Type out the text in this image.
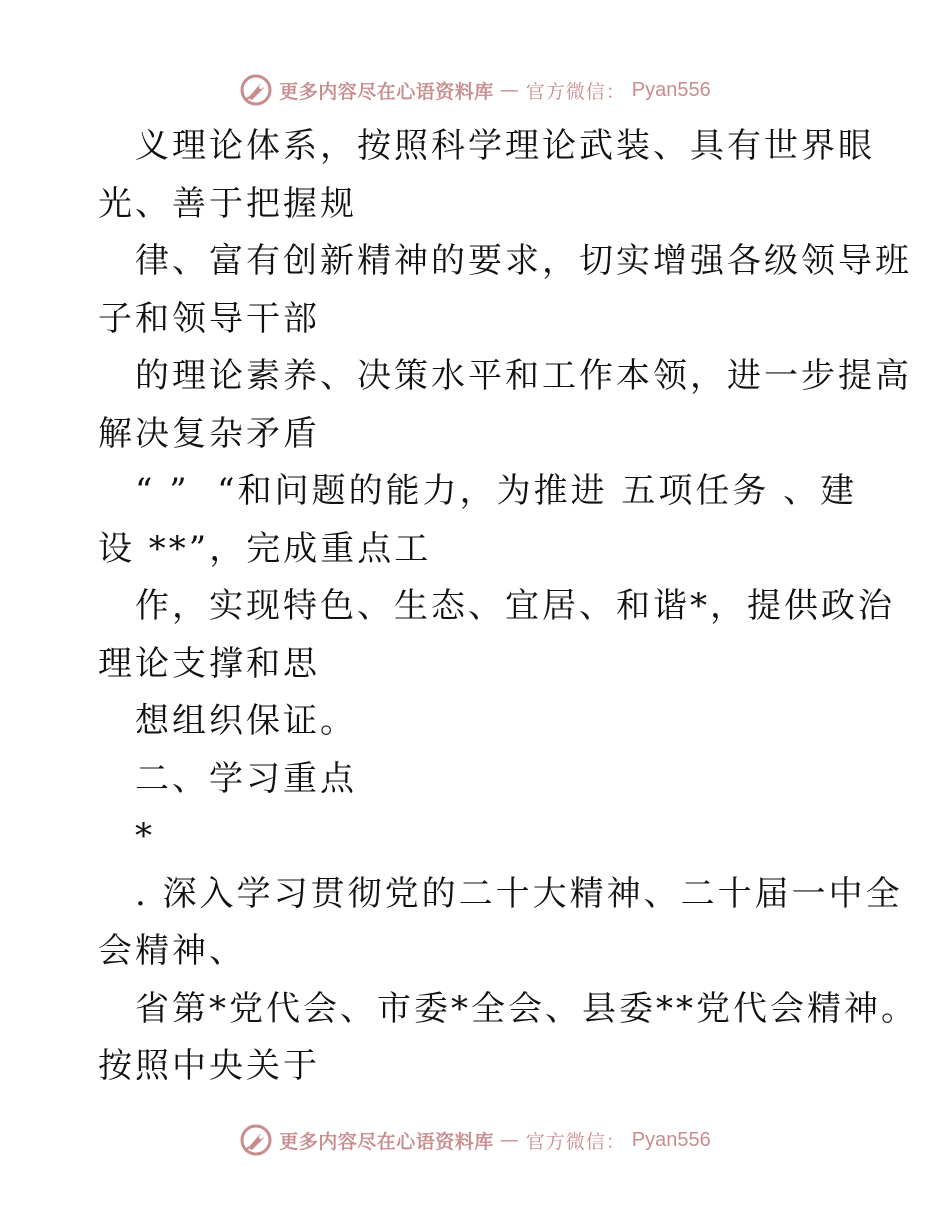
更多内容尽在心语资料库 — 官方微信： Pyan556
义理论体系，按照科学理论武装、具有世界眼
光、善于把握规
律、富有创新精神的要求，切实增强各级领导班
子和领导干部
的理论素养、决策水平和工作本领，进一步提高
解决复杂矛盾
“ ”  “和问题的能力，为推进 五项任务 、建
设 **”，完成重点工
作，实现特色、生态、宜居、和谐*，提供政治
理论支撑和思
想组织保证。
二、学习重点
*
. 深入学习贯彻党的二十大精神、二十届一中全
会精神、
省第*党代会、市委*全会、县委**党代会精神。
按照中央关于
更多内容尽在心语资料库 — 官方微信： Pyan556
